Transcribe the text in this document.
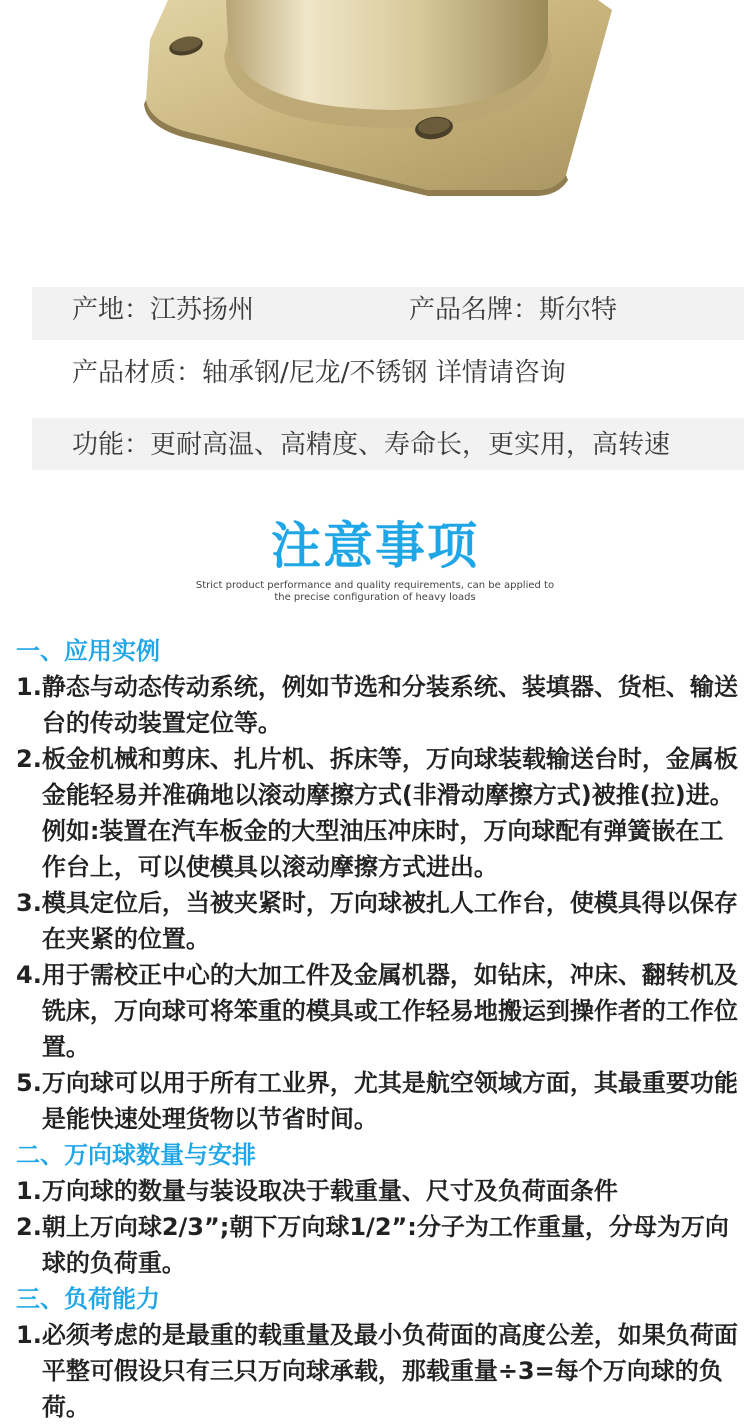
产地：江苏扬州	产品名牌：斯尔特
产品材质：轴承钢/尼龙/不锈钢 详情请咨询
功能：更耐高温、高精度、寿命长，更实用，高转速
注意事项
Strict product performance and quality requirements, can be applied to
the precise configuration of heavy loads
一、应用实例
1. 静态与动态传动系统，例如节选和分装系统、装填器、货柜、输送台的传动装置定位等。
2. 板金机械和剪床、扎片机、拆床等，万向球装载输送台时，金属板金能轻易并准确地以滚动摩擦方式(非滑动摩擦方式)被推(拉)进。例如:装置在汽车板金的大型油压冲床时，万向球配有弹簧嵌在工作台上，可以使模具以滚动摩擦方式进出。
3. 模具定位后，当被夹紧时，万向球被扎人工作台，使模具得以保存在夹紧的位置。
4. 用于需校正中心的大加工件及金属机器，如钻床，冲床、翻转机及铣床，万向球可将笨重的模具或工作轻易地搬运到操作者的工作位置。
5. 万向球可以用于所有工业界，尤其是航空领域方面，其最重要功能是能快速处理货物以节省时间。
二、万向球数量与安排
1. 万向球的数量与装设取决于载重量、尺寸及负荷面条件
2. 朝上万向球2/3”;朝下万向球1/2”:分子为工作重量，分母为万向球的负荷重。
三、负荷能力
1. 必须考虑的是最重的载重量及最小负荷面的高度公差，如果负荷面平整可假设只有三只万向球承载，那载重量÷3=每个万向球的负荷。
